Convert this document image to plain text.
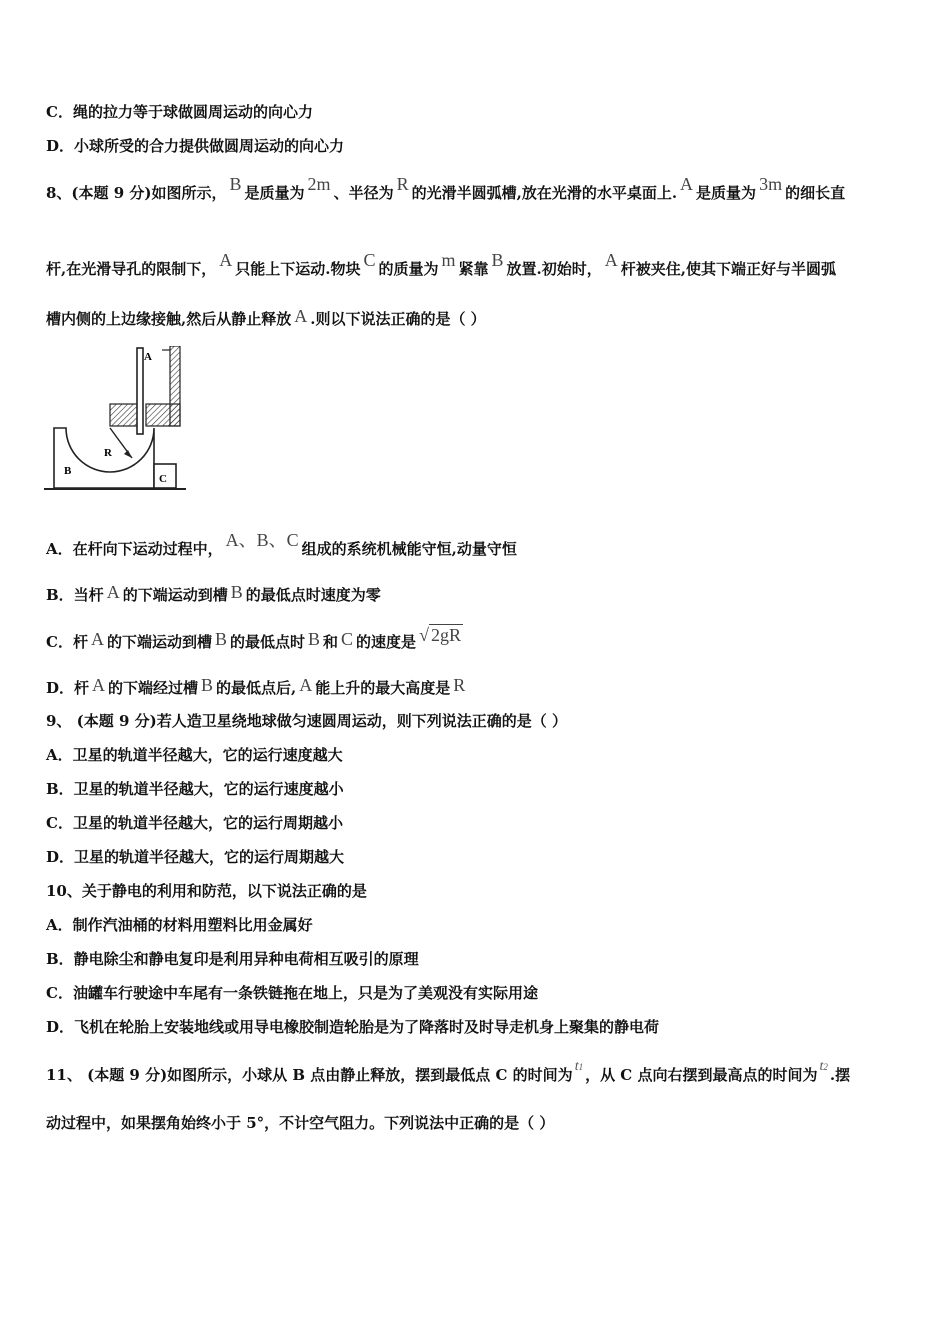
C．绳的拉力等于球做圆周运动的向心力
D．小球所受的合力提供做圆周运动的向心力
8、(本题 9 分)如图所示， B 是质量为 2m 、半径为 R 的光滑半圆弧槽,放在光滑的水平桌面上. A 是质量为 3m 的细长直
杆,在光滑导孔的限制下， A 只能上下运动.物块 C 的质量为 m 紧靠 B 放置.初始时， A 杆被夹住,使其下端正好与半圆弧
槽内侧的上边缘接触,然后从静止释放 A .则以下说法正确的是（ ）
A
B
R
C
A．在杆向下运动过程中， A、B、C 组成的系统机械能守恒,动量守恒
B．当杆 A 的下端运动到槽 B 的最低点时速度为零
C．杆 A 的下端运动到槽 B 的最低点时 B 和 C 的速度是 √ 2gR
D．杆 A 的下端经过槽 B 的最低点后, A 能上升的最大高度是 R
9、 (本题 9 分)若人造卫星绕地球做匀速圆周运动，则下列说法正确的是（ ）
A．卫星的轨道半径越大，它的运行速度越大
B．卫星的轨道半径越大，它的运行速度越小
C．卫星的轨道半径越大，它的运行周期越小
D．卫星的轨道半径越大，它的运行周期越大
10、关于静电的利用和防范，以下说法正确的是
A．制作汽油桶的材料用塑料比用金属好
B．静电除尘和静电复印是利用异种电荷相互吸引的原理
C．油罐车行驶途中车尾有一条铁链拖在地上，只是为了美观没有实际用途
D．飞机在轮胎上安装地线或用导电橡胶制造轮胎是为了降落时及时导走机身上聚集的静电荷
11、 (本题 9 分)如图所示，小球从 B 点由静止释放，摆到最低点 C 的时间为 t1 ，从 C 点向右摆到最高点的时间为 t2 .摆
动过程中，如果摆角始终小于 5°，不计空气阻力。下列说法中正确的是（ ）
